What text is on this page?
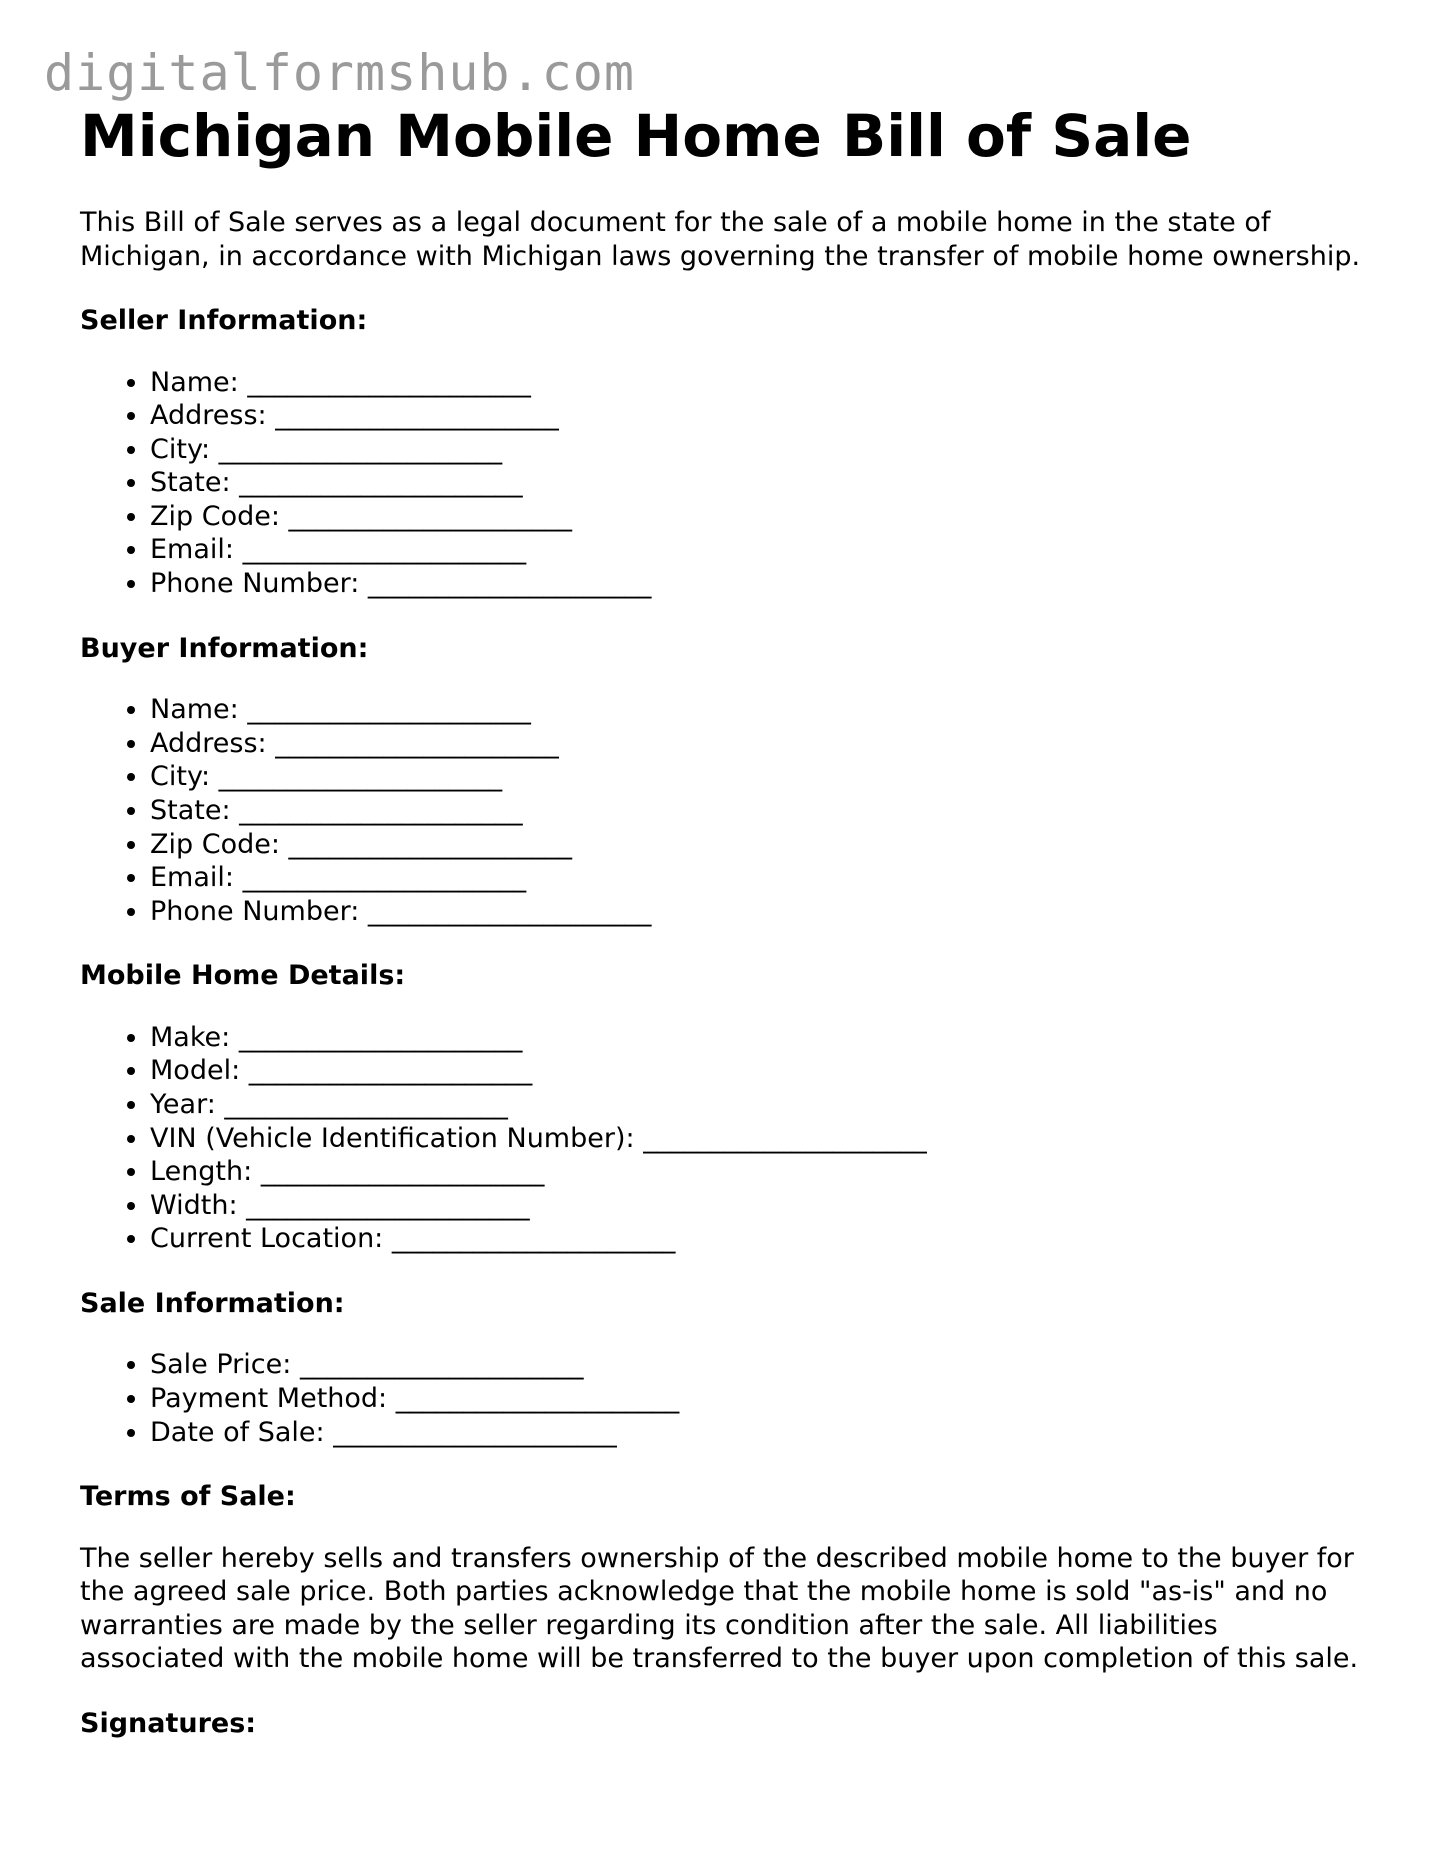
digitalformshub.com
Michigan Mobile Home Bill of Sale

This Bill of Sale serves as a legal document for the sale of a mobile home in the state of Michigan, in accordance with Michigan laws governing the transfer of mobile home ownership.

Seller Information:
• Name: _____________________
• Address: _____________________
• City: _____________________
• State: _____________________
• Zip Code: _____________________
• Email: _____________________
• Phone Number: _____________________
Buyer Information:
• Name: _____________________
• Address: _____________________
• City: _____________________
• State: _____________________
• Zip Code: _____________________
• Email: _____________________
• Phone Number: _____________________
Mobile Home Details:
• Make: _____________________
• Model: _____________________
• Year: _____________________
• VIN (Vehicle Identification Number): _____________________
• Length: _____________________
• Width: _____________________
• Current Location: _____________________
Sale Information:
• Sale Price: _____________________
• Payment Method: _____________________
• Date of Sale: _____________________
Terms of Sale:

The seller hereby sells and transfers ownership of the described mobile home to the buyer for the agreed sale price. Both parties acknowledge that the mobile home is sold "as-is" and no warranties are made by the seller regarding its condition after the sale. All liabilities associated with the mobile home will be transferred to the buyer upon completion of this sale.

Signatures:
